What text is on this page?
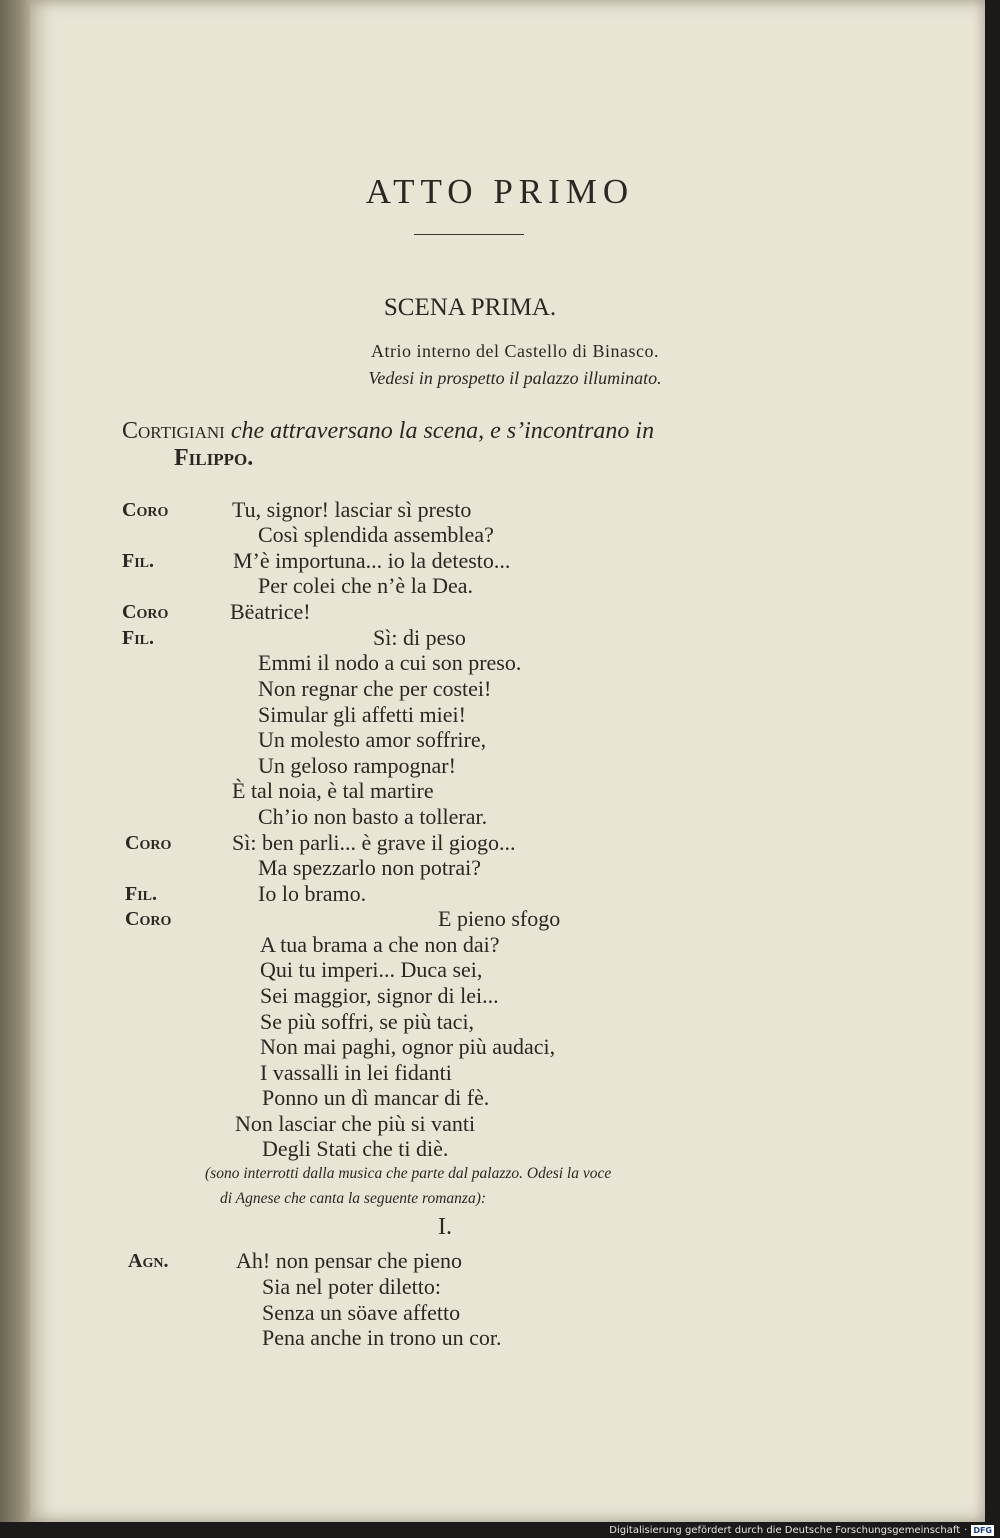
ATTO PRIMO
SCENA PRIMA.
Atrio interno del Castello di Binasco.
Vedesi in prospetto il palazzo illuminato.
Cortigiani che attraversano la scena, e s’incontrano in
Filippo.
Coro
Fil.
Coro
Fil.
Coro
Fil.
Coro
Agn.
Tu, signor! lasciar sì presto
Così splendida assemblea?
M’è importuna... io la detesto...
Per colei che n’è la Dea.
Bëatrice!
Sì: di peso
Emmi il nodo a cui son preso.
Non regnar che per costei!
Simular gli affetti miei!
Un molesto amor soffrire,
Un geloso rampognar!
È tal noia, è tal martire
Ch’io non basto a tollerar.
Sì: ben parli... è grave il giogo...
Ma spezzarlo non potrai?
Io lo bramo.
E pieno sfogo
A tua brama a che non dai?
Qui tu imperi... Duca sei,
Sei maggior, signor di lei...
Se più soffri, se più taci,
Non mai paghi, ognor più audaci,
I vassalli in lei fidanti
Ponno un dì mancar di fè.
Non lasciar che più si vanti
Degli Stati che ti diè.
(sono interrotti dalla musica che parte dal palazzo. Odesi la voce
di Agnese che canta la seguente romanza):
I.
Ah! non pensar che pieno
Sia nel poter diletto:
Senza un söave affetto
Pena anche in trono un cor.
Digitalisierung gefördert durch die Deutsche Forschungsgemeinschaft · DFG
